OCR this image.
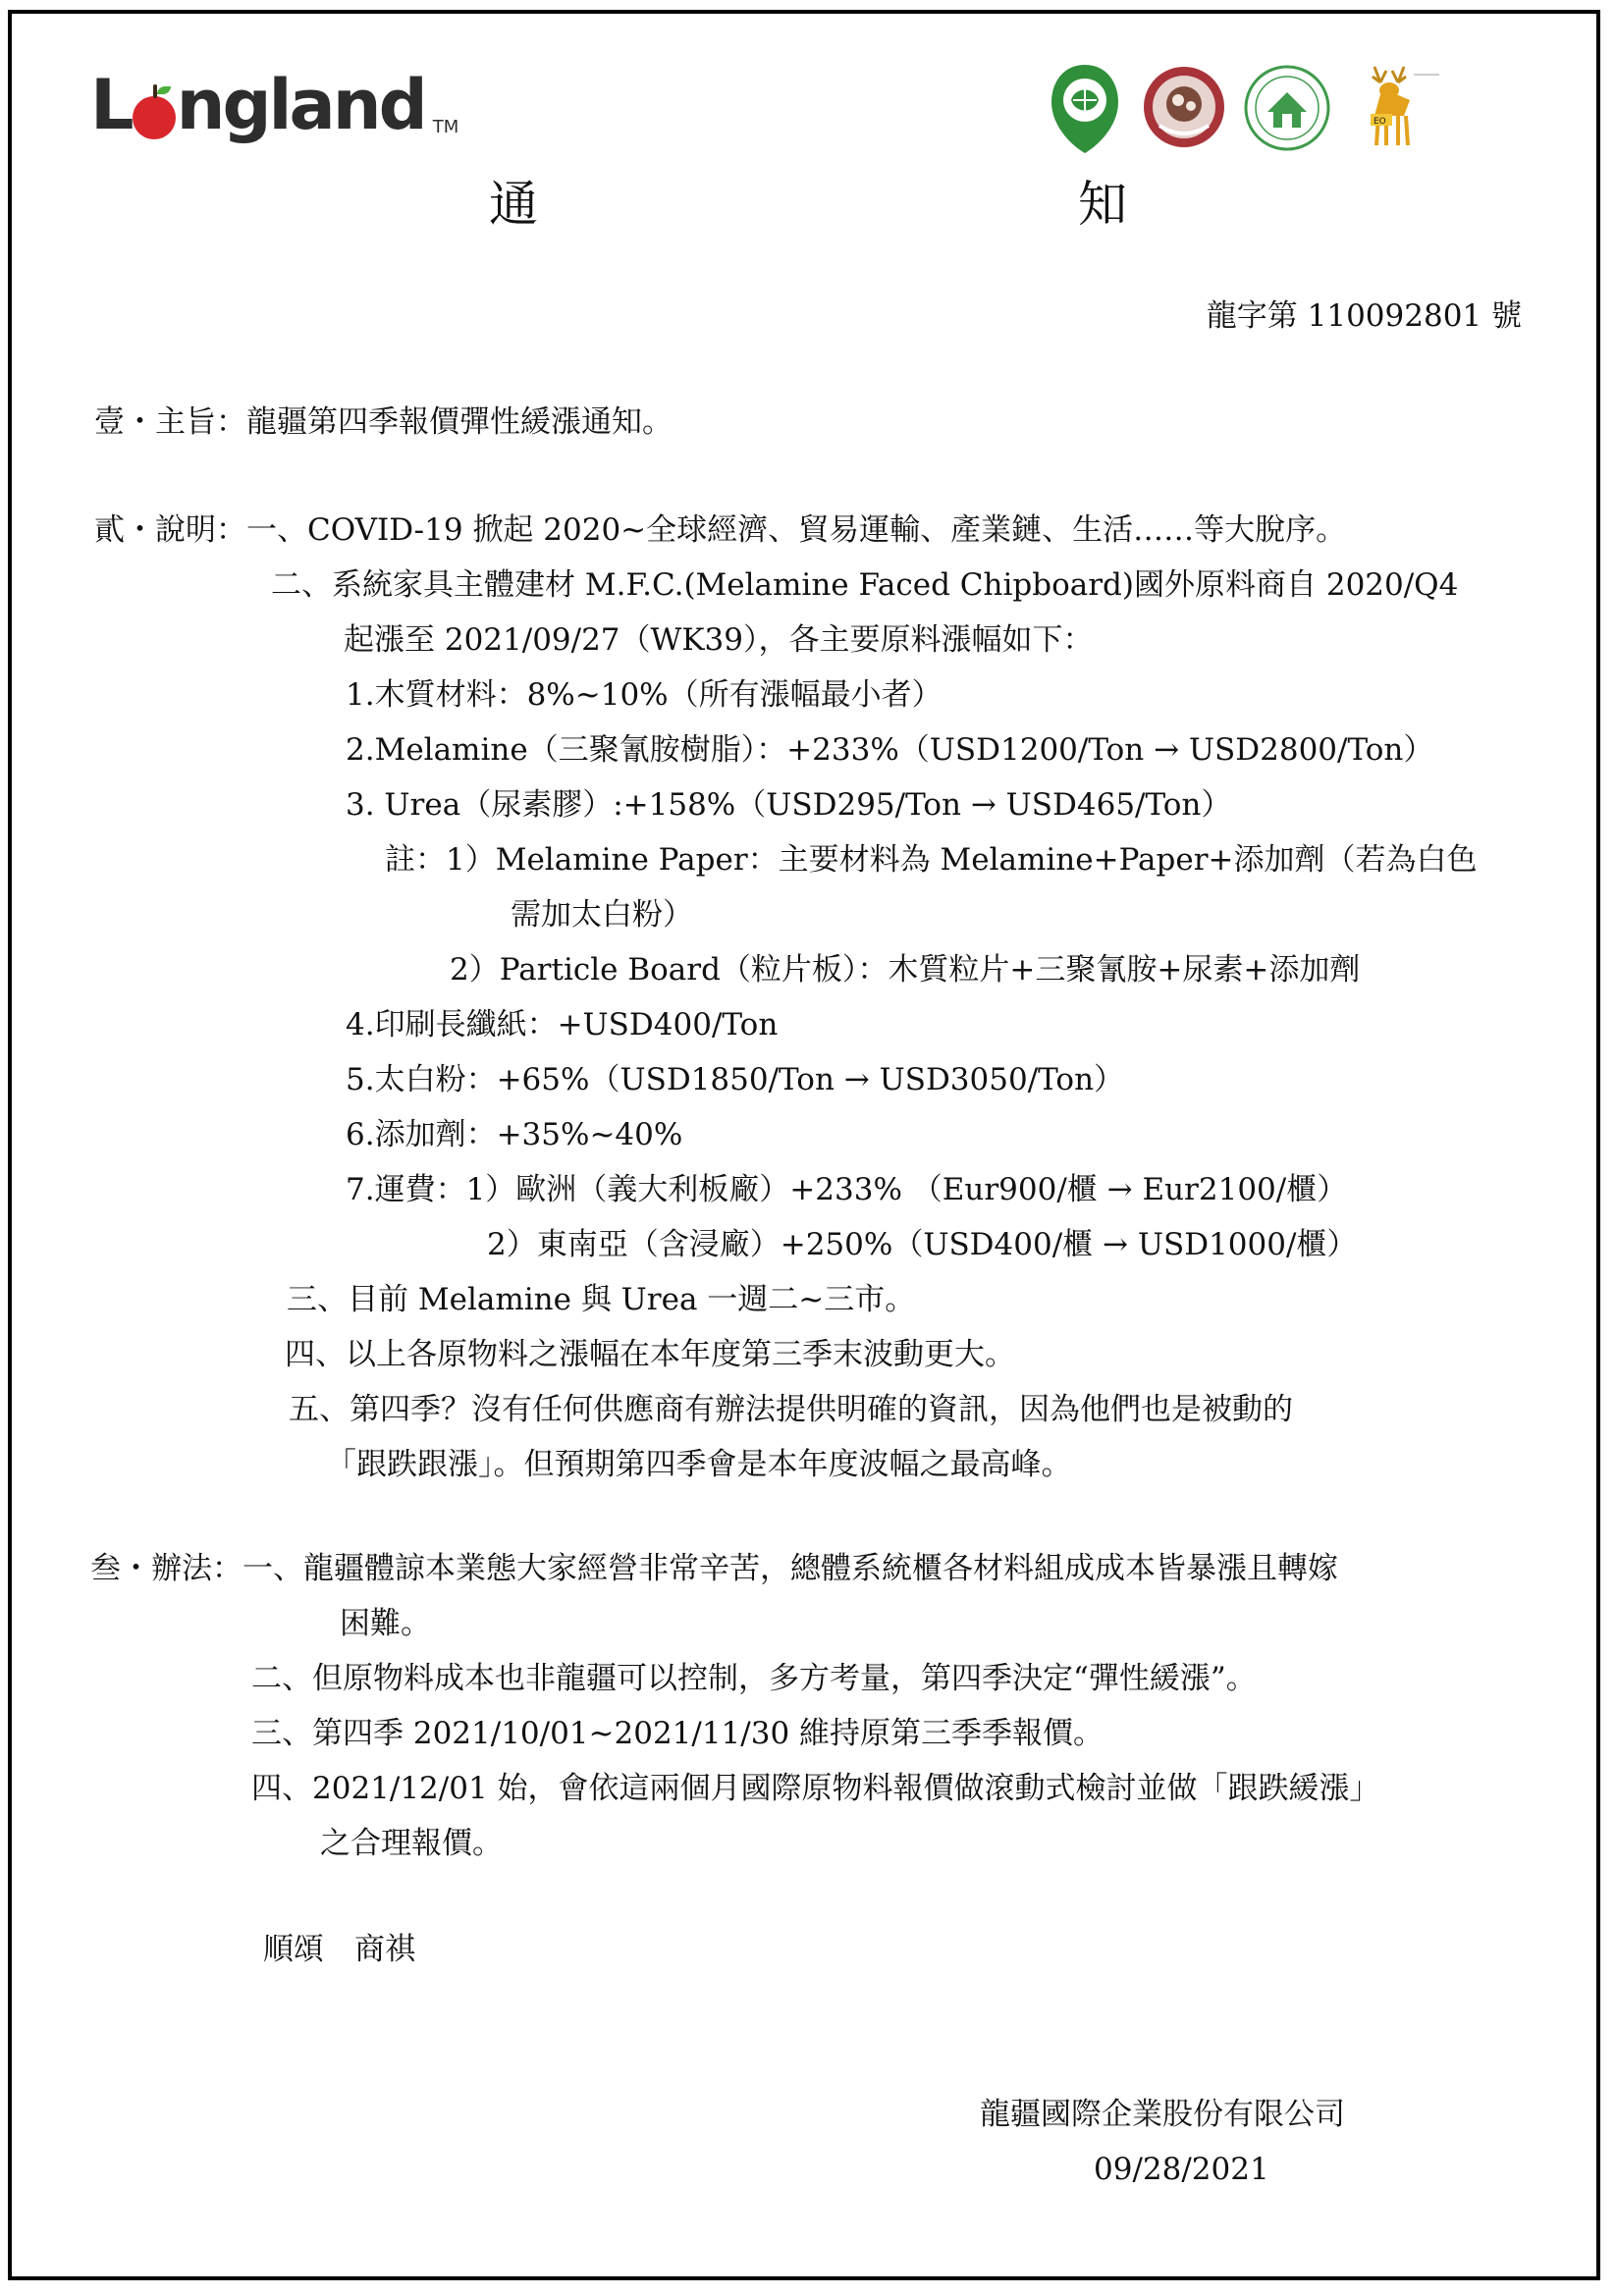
L ngland TM	EO
通　　知
龍字第 110092801 號
壹・主旨：龍疆第四季報價彈性緩漲通知。
貳・說明：一、COVID-19 掀起 2020~全球經濟、貿易運輸、產業鏈、生活……等大脫序。
二、系統家具主體建材 M.F.C.(Melamine Faced Chipboard)國外原料商自 2020/Q4
起漲至 2021/09/27（WK39），各主要原料漲幅如下：
1.木質材料：8%~10%（所有漲幅最小者）
2.Melamine（三聚氰胺樹脂）：+233%（USD1200/Ton → USD2800/Ton）
3. Urea（尿素膠）:+158%（USD295/Ton → USD465/Ton）
註：1）Melamine Paper：主要材料為 Melamine+Paper+添加劑（若為白色
需加太白粉）
2）Particle Board（粒片板）：木質粒片+三聚氰胺+尿素+添加劑
4.印刷長纖紙：+USD400/Ton
5.太白粉：+65%（USD1850/Ton → USD3050/Ton）
6.添加劑：+35%~40%
7.運費：1）歐洲（義大利板廠）+233% （Eur900/櫃 → Eur2100/櫃）
2）東南亞（含浸廠）+250%（USD400/櫃 → USD1000/櫃）
三、目前 Melamine 與 Urea 一週二~三市。
四、以上各原物料之漲幅在本年度第三季末波動更大。
五、第四季？沒有任何供應商有辦法提供明確的資訊，因為他們也是被動的
「跟跌跟漲」。但預期第四季會是本年度波幅之最高峰。
叁・辦法：一、龍疆體諒本業態大家經營非常辛苦，總體系統櫃各材料組成成本皆暴漲且轉嫁
困難。
二、但原物料成本也非龍疆可以控制，多方考量，第四季決定“彈性緩漲”。
三、第四季 2021/10/01~2021/11/30 維持原第三季季報價。
四、2021/12/01 始，會依這兩個月國際原物料報價做滾動式檢討並做「跟跌緩漲」
之合理報價。
順頌　商祺
龍疆國際企業股份有限公司
09/28/2021
